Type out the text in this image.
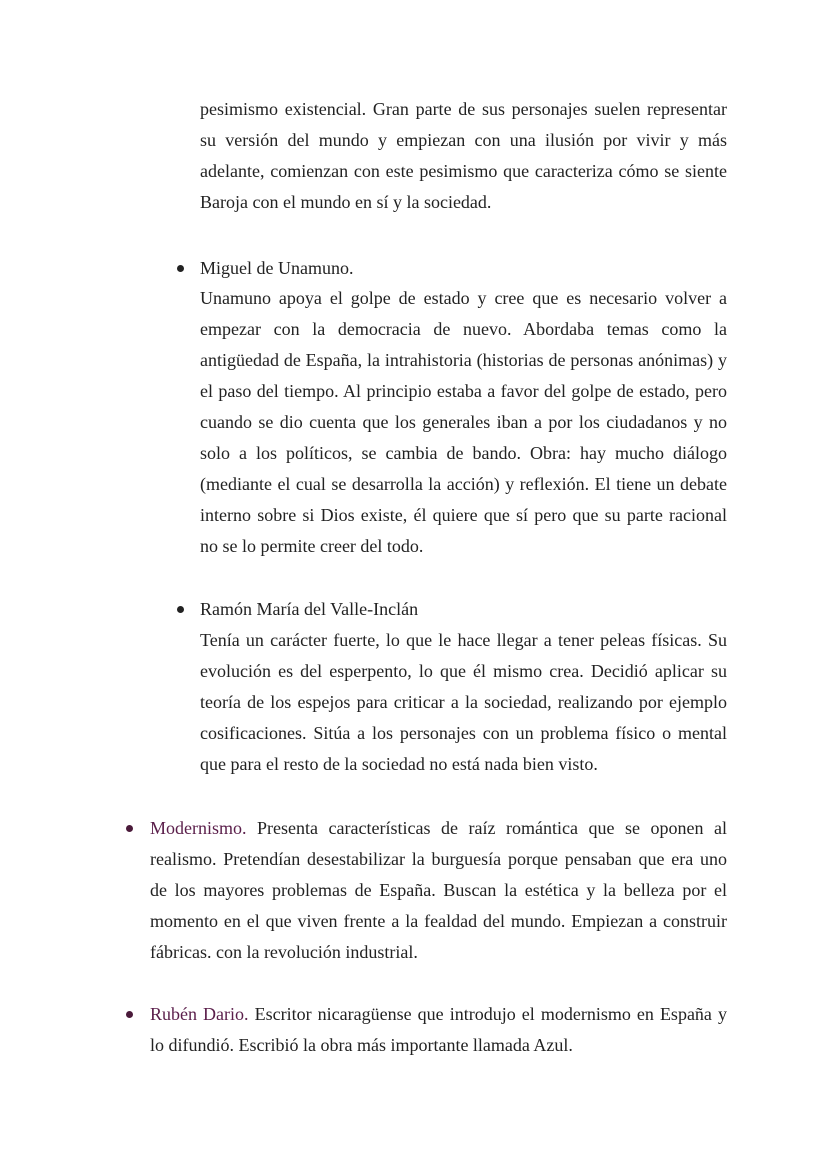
pesimismo existencial. Gran parte de sus personajes suelen representar su versión del mundo y empiezan con una ilusión por vivir y más adelante, comienzan con este pesimismo que caracteriza cómo se siente Baroja con el mundo en sí y la sociedad.

Miguel de Unamuno.

Unamuno apoya el golpe de estado y cree que es necesario volver a empezar con la democracia de nuevo. Abordaba temas como la antigüedad de España, la intrahistoria (historias de personas anónimas) y el paso del tiempo. Al principio estaba a favor del golpe de estado, pero cuando se dio cuenta que los generales iban a por los ciudadanos y no solo a los políticos, se cambia de bando. Obra: hay mucho diálogo (mediante el cual se desarrolla la acción) y reflexión. El tiene un debate interno sobre si Dios existe, él quiere que sí pero que su parte racional no se lo permite creer del todo.

Ramón María del Valle-Inclán

Tenía un carácter fuerte, lo que le hace llegar a tener peleas físicas. Su evolución es del esperpento, lo que él mismo crea. Decidió aplicar su teoría de los espejos para criticar a la sociedad, realizando por ejemplo cosificaciones. Sitúa a los personajes con un problema físico o mental que para el resto de la sociedad no está nada bien visto.

Modernismo. Presenta características de raíz romántica que se oponen al realismo. Pretendían desestabilizar la burguesía porque pensaban que era uno de los mayores problemas de España. Buscan la estética y la belleza por el momento en el que viven frente a la fealdad del mundo. Empiezan a construir fábricas. con la revolución industrial.

Rubén Dario. Escritor nicaragüense que introdujo el modernismo en España y lo difundió. Escribió la obra más importante llamada Azul.
